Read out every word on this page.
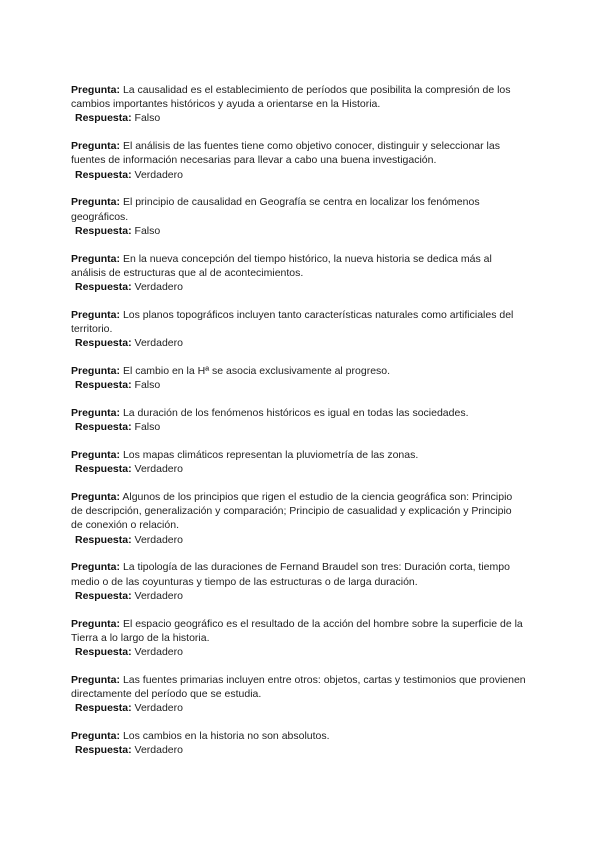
Pregunta: La causalidad es el establecimiento de períodos que posibilita la compresión de los cambios importantes históricos y ayuda a orientarse en la Historia.

Respuesta: Falso

Pregunta: El análisis de las fuentes tiene como objetivo conocer, distinguir y seleccionar las fuentes de información necesarias para llevar a cabo una buena investigación.

Respuesta: Verdadero

Pregunta: El principio de causalidad en Geografía se centra en localizar los fenómenos geográficos.

Respuesta: Falso

Pregunta: En la nueva concepción del tiempo histórico, la nueva historia se dedica más al análisis de estructuras que al de acontecimientos.

Respuesta: Verdadero

Pregunta: Los planos topográficos incluyen tanto características naturales como artificiales del territorio.

Respuesta: Verdadero

Pregunta: El cambio en la Hª se asocia exclusivamente al progreso.

Respuesta: Falso

Pregunta: La duración de los fenómenos históricos es igual en todas las sociedades.

Respuesta: Falso

Pregunta: Los mapas climáticos representan la pluviometría de las zonas.

Respuesta: Verdadero

Pregunta: Algunos de los principios que rigen el estudio de la ciencia geográfica son: Principio de descripción, generalización y comparación; Principio de casualidad y explicación y Principio de conexión o relación.

Respuesta: Verdadero

Pregunta: La tipología de las duraciones de Fernand Braudel son tres: Duración corta, tiempo medio o de las coyunturas y tiempo de las estructuras o de larga duración.

Respuesta: Verdadero

Pregunta: El espacio geográfico es el resultado de la acción del hombre sobre la superficie de la Tierra a lo largo de la historia.

Respuesta: Verdadero

Pregunta: Las fuentes primarias incluyen entre otros: objetos, cartas y testimonios que provienen directamente del período que se estudia.

Respuesta: Verdadero

Pregunta: Los cambios en la historia no son absolutos.

Respuesta: Verdadero
